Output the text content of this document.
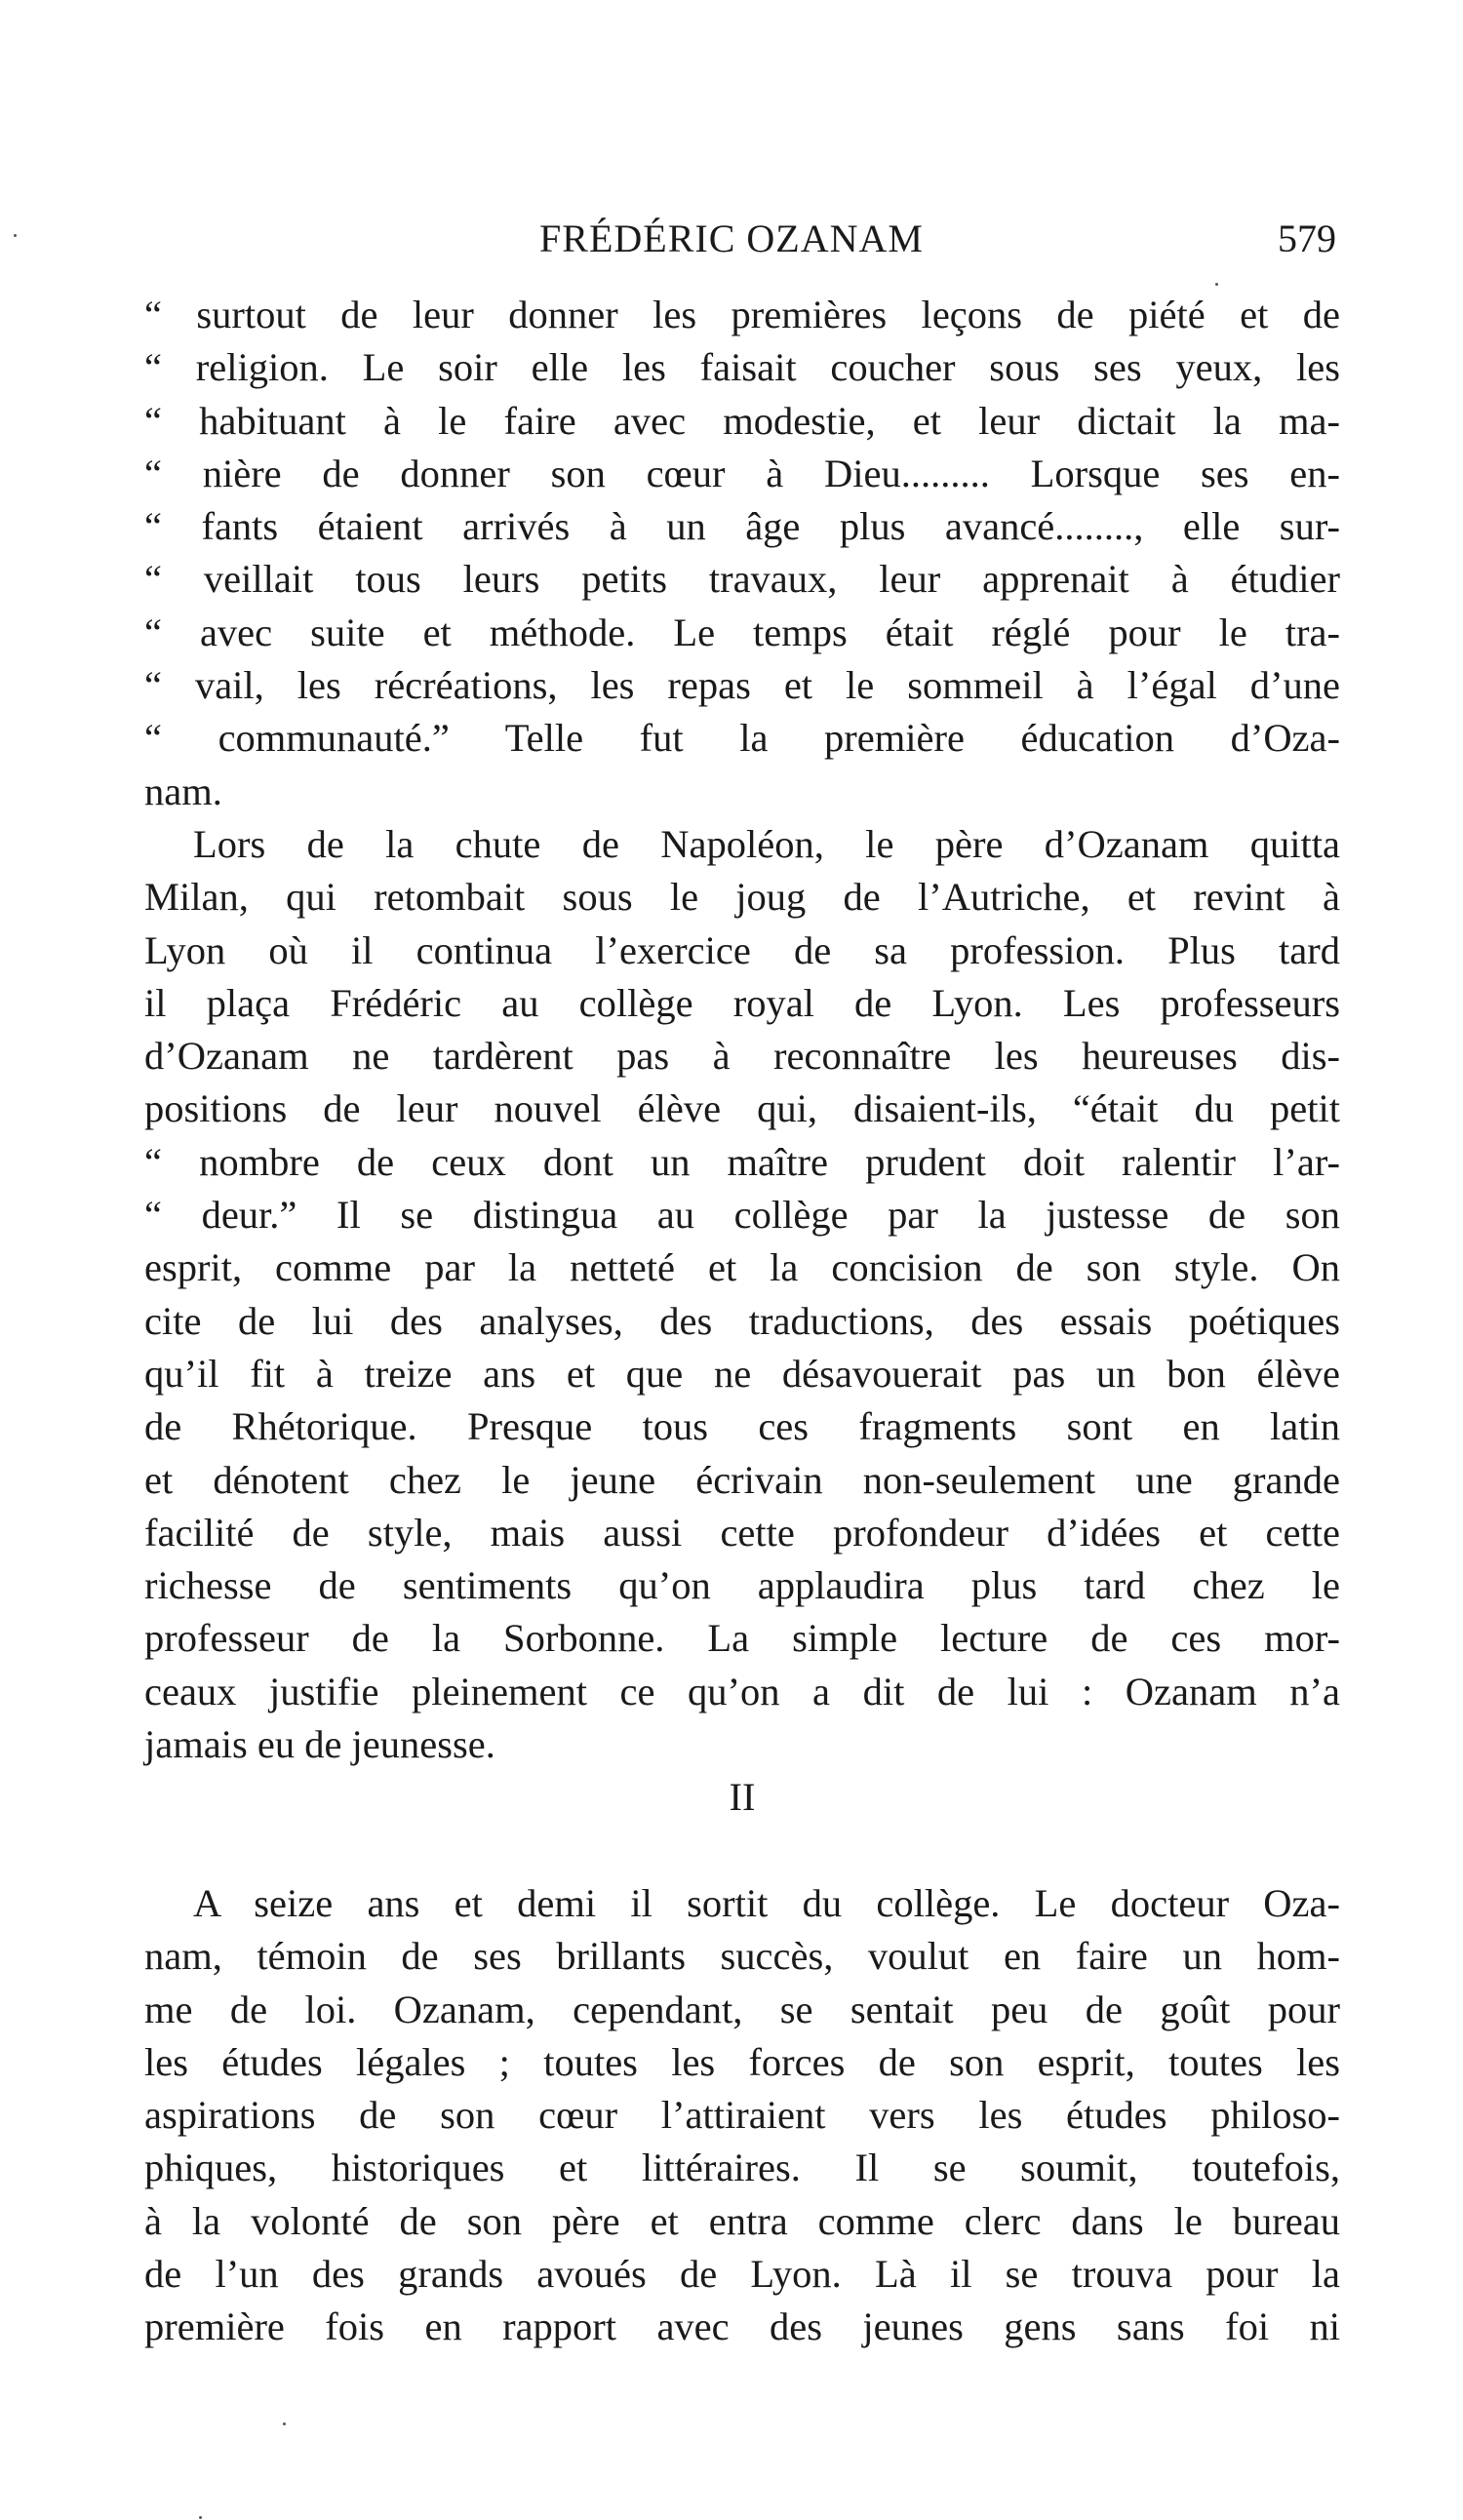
FRÉDÉRIC OZANAM	579
“ surtout de leur donner les premières leçons de piété et de
“ religion. Le soir elle les faisait coucher sous ses yeux, les
“ habituant à le faire avec modestie, et leur dictait la ma-
“ nière de donner son cœur à Dieu......... Lorsque ses en-
“ fants étaient arrivés à un âge plus avancé........, elle sur-
“ veillait tous leurs petits travaux, leur apprenait à étudier
“ avec suite et méthode. Le temps était réglé pour le tra-
“ vail, les récréations, les repas et le sommeil à l’égal d’une
“ communauté.” Telle fut la première éducation d’Oza-
nam.
Lors de la chute de Napoléon, le père d’Ozanam quitta
Milan, qui retombait sous le joug de l’Autriche, et revint à
Lyon où il continua l’exercice de sa profession. Plus tard
il plaça Frédéric au collège royal de Lyon. Les professeurs
d’Ozanam ne tardèrent pas à reconnaître les heureuses dis-
positions de leur nouvel élève qui, disaient-ils, “était du petit
“ nombre de ceux dont un maître prudent doit ralentir l’ar-
“ deur.” Il se distingua au collège par la justesse de son
esprit, comme par la netteté et la concision de son style. On
cite de lui des analyses, des traductions, des essais poétiques
qu’il fit à treize ans et que ne désavouerait pas un bon élève
de Rhétorique. Presque tous ces fragments sont en latin
et dénotent chez le jeune écrivain non-seulement une grande
facilité de style, mais aussi cette profondeur d’idées et cette
richesse de sentiments qu’on applaudira plus tard chez le
professeur de la Sorbonne. La simple lecture de ces mor-
ceaux justifie pleinement ce qu’on a dit de lui : Ozanam n’a
jamais eu de jeunesse.
II
A seize ans et demi il sortit du collège. Le docteur Oza-
nam, témoin de ses brillants succès, voulut en faire un hom-
me de loi. Ozanam, cependant, se sentait peu de goût pour
les études légales ; toutes les forces de son esprit, toutes les
aspirations de son cœur l’attiraient vers les études philoso-
phiques, historiques et littéraires. Il se soumit, toutefois,
à la volonté de son père et entra comme clerc dans le bureau
de l’un des grands avoués de Lyon. Là il se trouva pour la
première fois en rapport avec des jeunes gens sans foi ni
